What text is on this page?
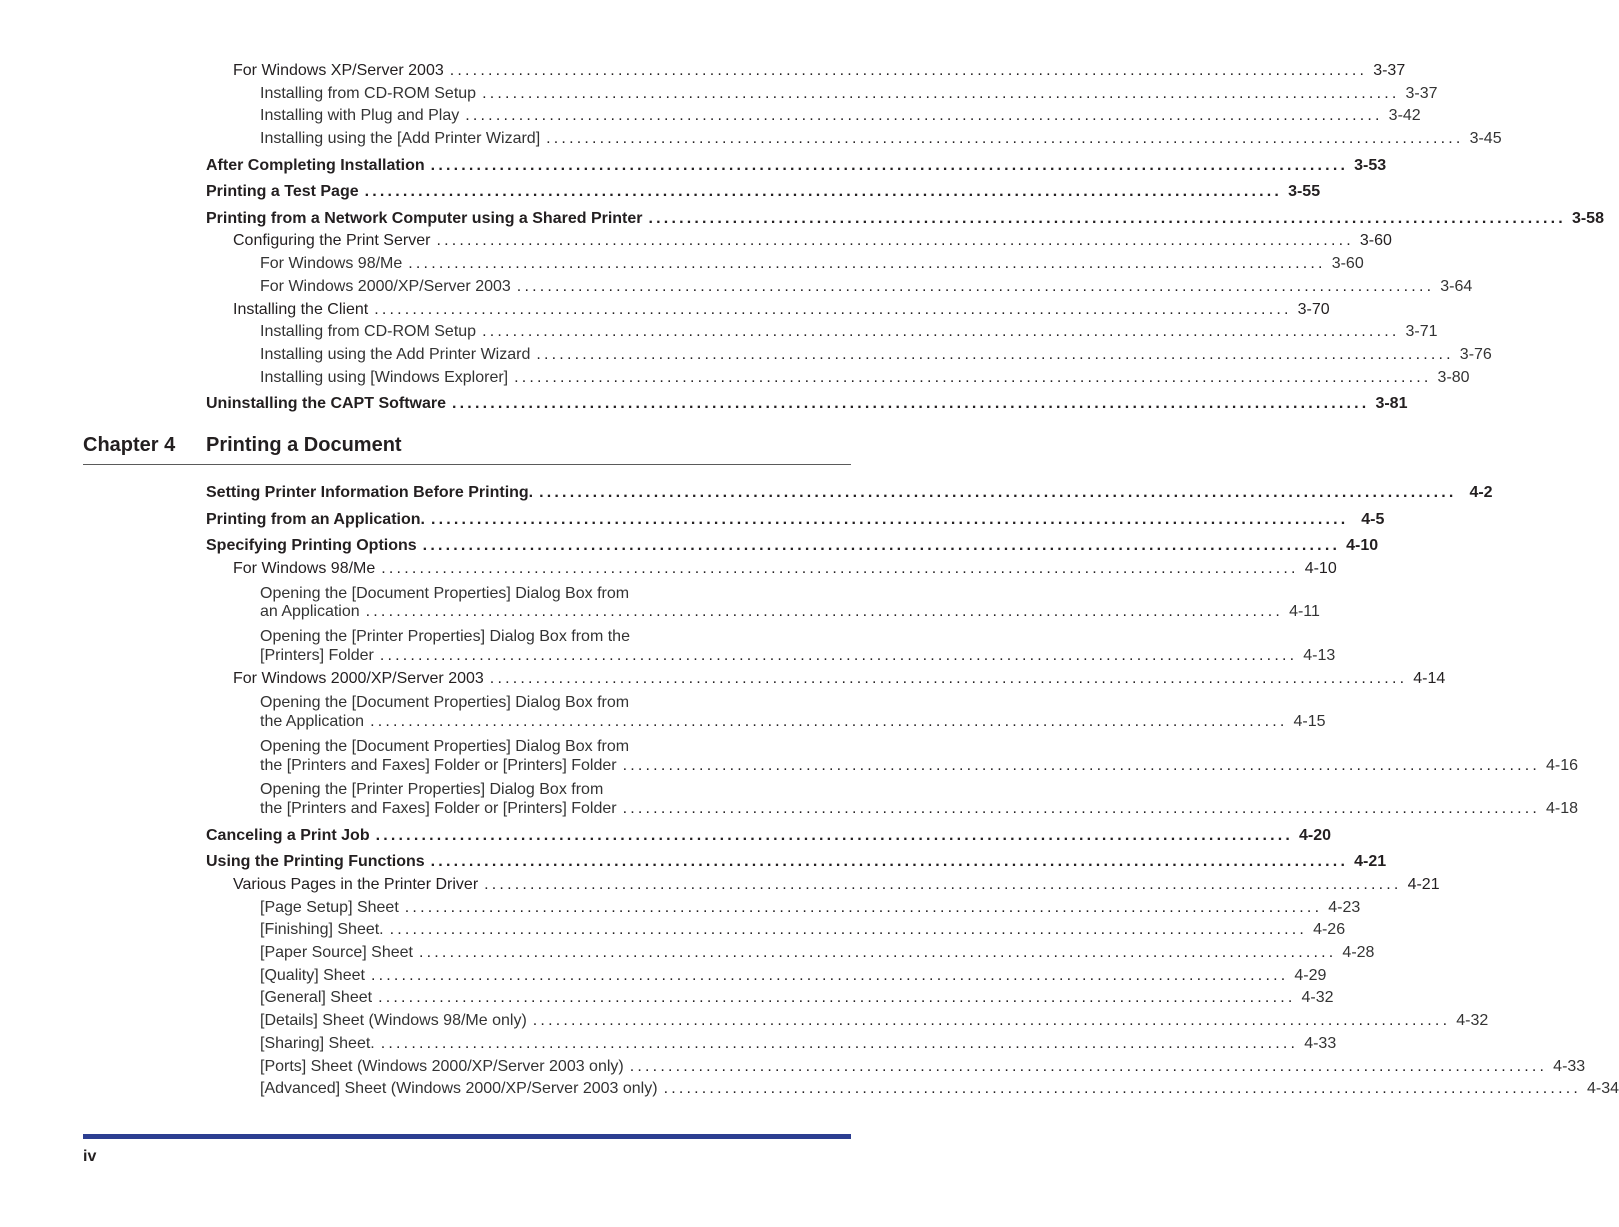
For Windows XP/Server 2003 ........................................................................................................................ 3-37
Installing from CD-ROM Setup ........................................................................................................................ 3-37
Installing with Plug and Play ........................................................................................................................ 3-42
Installing using the [Add Printer Wizard] ........................................................................................................................ 3-45
After Completing Installation ........................................................................................................................ 3-53
Printing a Test Page ........................................................................................................................ 3-55
Printing from a Network Computer using a Shared Printer ........................................................................................................................ 3-58
Configuring the Print Server ........................................................................................................................ 3-60
For Windows 98/Me ........................................................................................................................ 3-60
For Windows 2000/XP/Server 2003 ........................................................................................................................ 3-64
Installing the Client ........................................................................................................................ 3-70
Installing from CD-ROM Setup ........................................................................................................................ 3-71
Installing using the Add Printer Wizard ........................................................................................................................ 3-76
Installing using [Windows Explorer] ........................................................................................................................ 3-80
Uninstalling the CAPT Software ........................................................................................................................ 3-81
Chapter 4 Printing a Document
Setting Printer Information Before Printing. ........................................................................................................................ 4-2
Printing from an Application. ........................................................................................................................ 4-5
Specifying Printing Options ........................................................................................................................ 4-10
For Windows 98/Me ........................................................................................................................ 4-10
Opening the [Document Properties] Dialog Box from
an Application ........................................................................................................................ 4-11
Opening the [Printer Properties] Dialog Box from the
[Printers] Folder ........................................................................................................................ 4-13
For Windows 2000/XP/Server 2003 ........................................................................................................................ 4-14
Opening the [Document Properties] Dialog Box from
the Application ........................................................................................................................ 4-15
Opening the [Document Properties] Dialog Box from
the [Printers and Faxes] Folder or [Printers] Folder ........................................................................................................................ 4-16
Opening the [Printer Properties] Dialog Box from
the [Printers and Faxes] Folder or [Printers] Folder ........................................................................................................................ 4-18
Canceling a Print Job ........................................................................................................................ 4-20
Using the Printing Functions ........................................................................................................................ 4-21
Various Pages in the Printer Driver ........................................................................................................................ 4-21
[Page Setup] Sheet ........................................................................................................................ 4-23
[Finishing] Sheet. ........................................................................................................................ 4-26
[Paper Source] Sheet ........................................................................................................................ 4-28
[Quality] Sheet ........................................................................................................................ 4-29
[General] Sheet ........................................................................................................................ 4-32
[Details] Sheet (Windows 98/Me only) ........................................................................................................................ 4-32
[Sharing] Sheet. ........................................................................................................................ 4-33
[Ports] Sheet (Windows 2000/XP/Server 2003 only) ........................................................................................................................ 4-33
[Advanced] Sheet (Windows 2000/XP/Server 2003 only) ........................................................................................................................ 4-34
iv
